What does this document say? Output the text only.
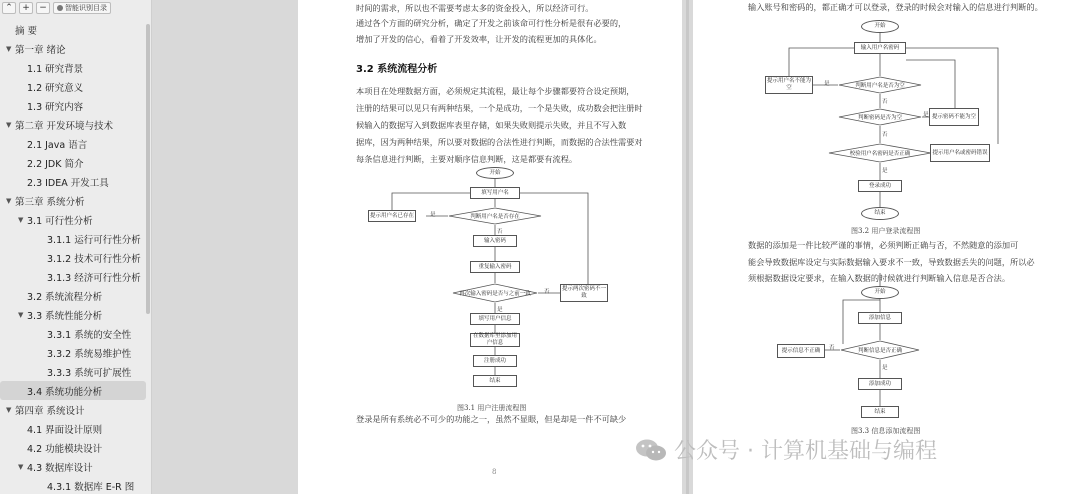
⌃	+	−	智能识别目录
摘 要
▼ 第一章 绪论
1.1 研究背景
1.2 研究意义
1.3 研究内容
▼ 第二章 开发环境与技术
2.1 Java 语言
2.2 JDK 简介
2.3 IDEA 开发工具
▼ 第三章 系统分析
▼ 3.1 可行性分析
3.1.1 运行可行性分析
3.1.2 技术可行性分析
3.1.3 经济可行性分析
3.2 系统流程分析
▼ 3.3 系统性能分析
3.3.1 系统的安全性
3.3.2 系统易维护性
3.3.3 系统可扩展性
3.4 系统功能分析
▼ 第四章 系统设计
4.1 界面设计原则
4.2 功能模块设计
▼ 4.3 数据库设计
4.3.1 数据库 E-R 图
时间的需求，所以也不需要考虑太多的资金投入，所以经济可行。
通过各个方面的研究分析，确定了开发之前该命可行性分析是很有必要的，
增加了开发的信心，看着了开发效率，让开发的流程更加的具体化。
3.2 系统流程分析
本项目在处理数据方面，必须规定其流程，最让每个步骤都要符合设定预期，
注册的结果可以见只有两种结果，一个是成功，一个是失败，成功数会把注册时
候输入的数据写入到数据库表里存储，如果失败则提示失败，并且不写入数
据库，因为两种结果，所以要对数据的合法性进行判断，而数据的合法性需要对
每条信息进行判断，主要对顺序信息判断，这是都要有流程。
开始
填写用户名
判断用户名是否存在
提示用户名已存在	是
否
输入密码
重复输入密码
再次输入密码是否与之前一致
提示两次密码不一致
否
是
填写用户信息
在数据库里添加用户信息
注册成功
结束
图3.1 用户注册流程图
登录是所有系统必不可少的功能之一，虽然不显眼，但是却是一件不可缺少
8
输入账号和密码的，都正确才可以登录，登录的时候会对输入的信息进行判断的。
开始
输入用户名密码
判断用户名是否为空
提示用户名不能为空
是
否
判断密码是否为空	提示密码不能为空
是
否
校验用户名密码是否正确	提示用户名或密码错误
是
登录成功
结束
图3.2 用户登录流程图
数据的添加是一件比较严谨的事情，必须判断正确与否，不然随意的添加可
能会导致数据库设定与实际数据输入要求不一致，导致数据丢失的问题，所以必
须根据数据设定要求，在输入数据的时候就进行判断输入信息是否合法。
开始
添加信息
判断信息是否正确
提示信息不正确	否
是
添加成功
结束
图3.3 信息添加流程图
公众号 · 计算机基础与编程
